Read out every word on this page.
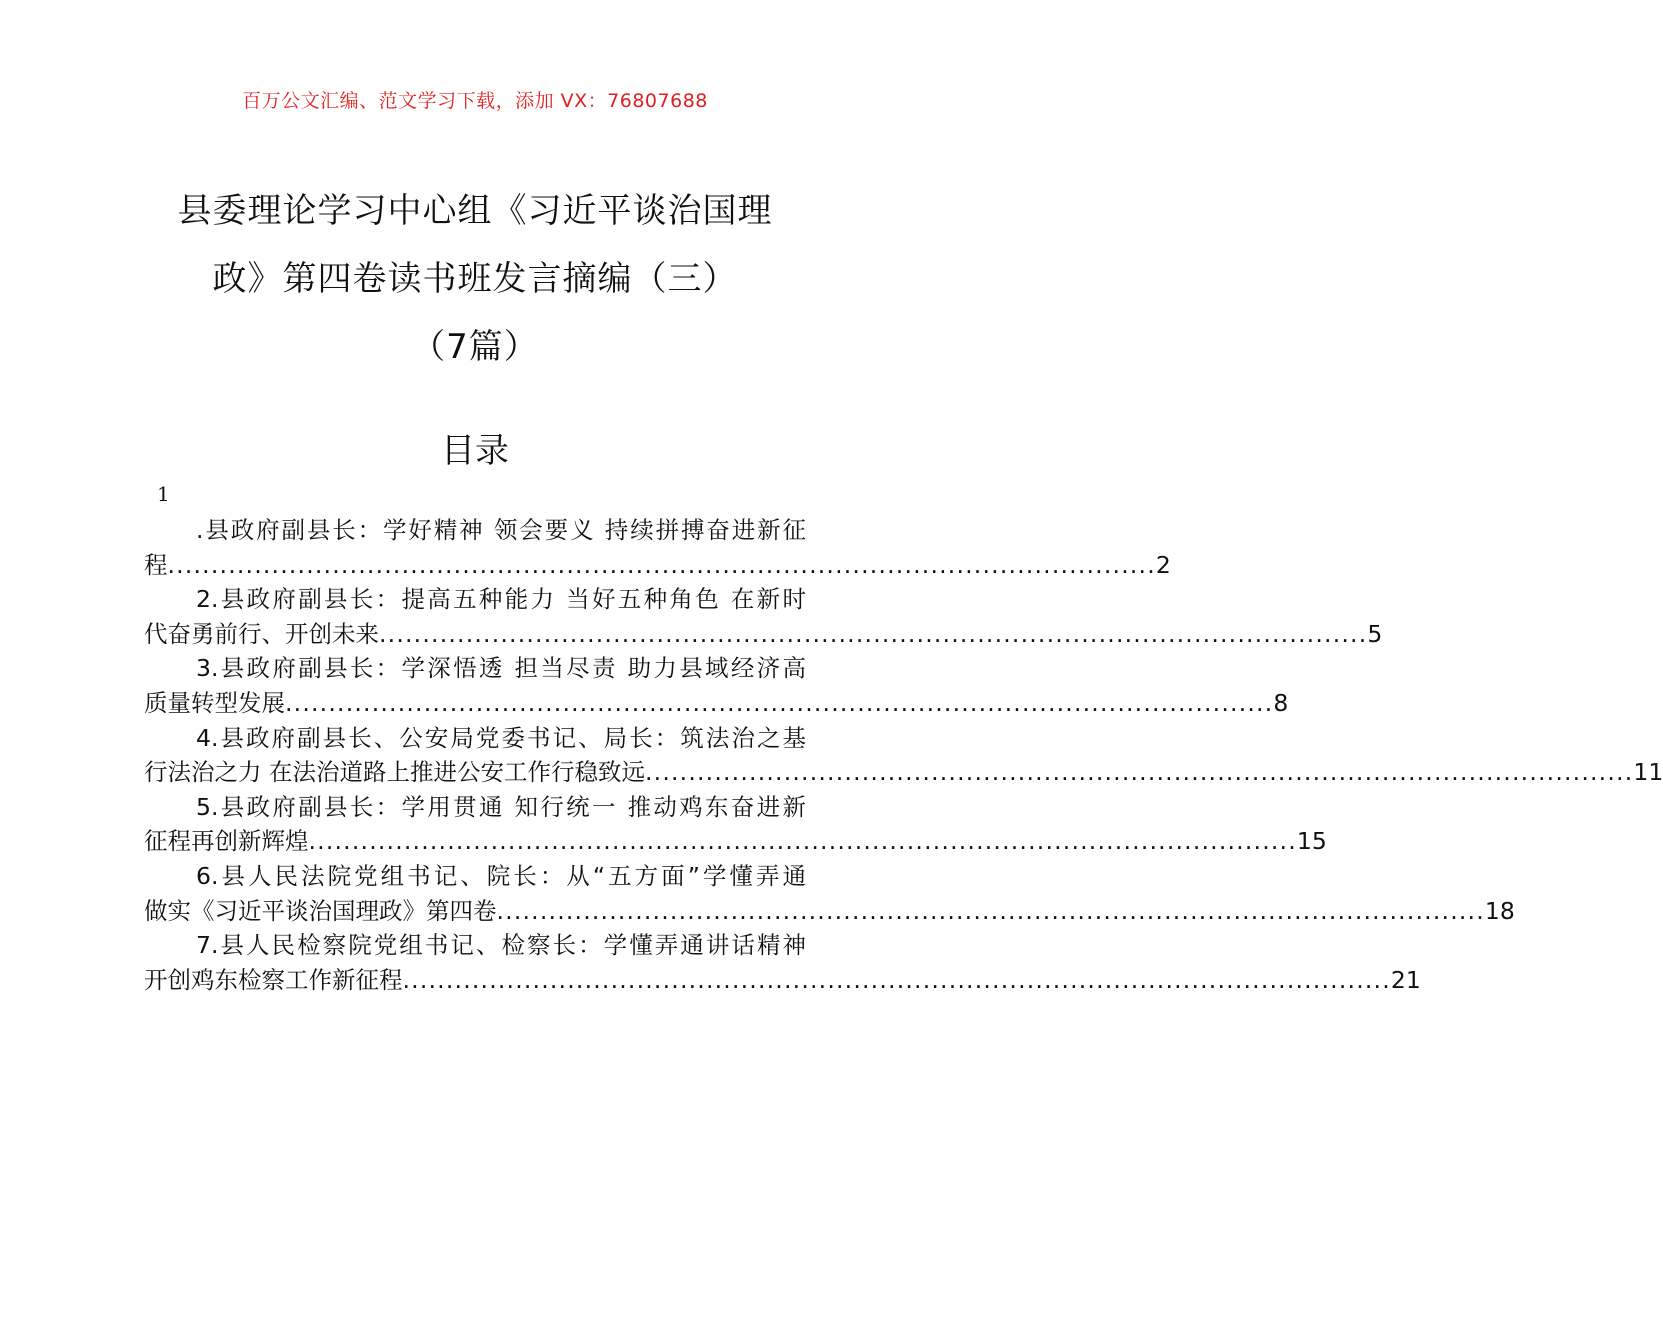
百万公文汇编、范文学习下载，添加 VX：76807688
县委理论学习中心组《习近平谈治国理
政》第四卷读书班发言摘编（三）
（7篇）
目录
1
.县政府副县长：学好精神 领会要义 持续拼搏奋进新征
程 .................................................................................................................. 2
2.县政府副县长：提高五种能力 当好五种角色 在新时
代奋勇前行、开创未来 .................................................................................................................. 5
3.县政府副县长：学深悟透 担当尽责 助力县域经济高
质量转型发展 .................................................................................................................. 8
4.县政府副县长、公安局党委书记、局长：筑法治之基
行法治之力 在法治道路上推进公安工作行稳致远 .................................................................................................................. 11
5.县政府副县长：学用贯通 知行统一 推动鸡东奋进新
征程再创新辉煌 .................................................................................................................. 15
6.县人民法院党组书记、院长：从“五方面”学懂弄通
做实《习近平谈治国理政》第四卷 .................................................................................................................. 18
7.县人民检察院党组书记、检察长：学懂弄通讲话精神
开创鸡东检察工作新征程 .................................................................................................................. 21
